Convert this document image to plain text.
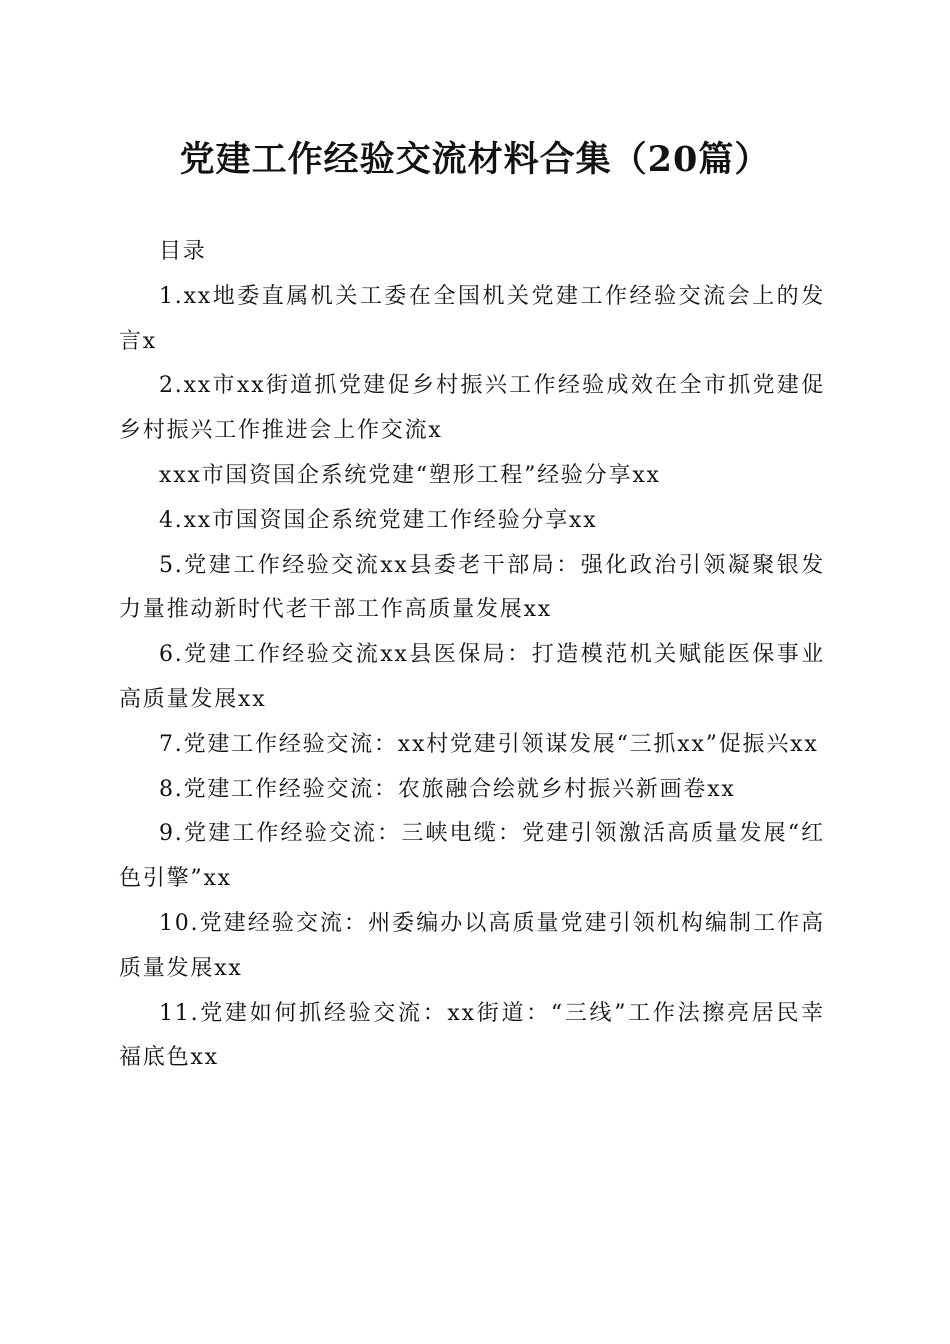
党建工作经验交流材料合集（20篇）

目录

1.xx地委直属机关工委在全国机关党建工作经验交流会上的发言x

2.xx市xx街道抓党建促乡村振兴工作经验成效在全市抓党建促乡村振兴工作推进会上作交流x

xxx市国资国企系统党建“塑形工程”经验分享xx

4.xx市国资国企系统党建工作经验分享xx

5.党建工作经验交流xx县委老干部局：强化政治引领凝聚银发力量推动新时代老干部工作高质量发展xx

6.党建工作经验交流xx县医保局：打造模范机关赋能医保事业高质量发展xx

7.党建工作经验交流：xx村党建引领谋发展“三抓xx”促振兴xx

8.党建工作经验交流：农旅融合绘就乡村振兴新画卷xx

9.党建工作经验交流：三峡电缆：党建引领激活高质量发展“红色引擎”xx

10.党建经验交流：州委编办以高质量党建引领机构编制工作高质量发展xx

11.党建如何抓经验交流：xx街道：“三线”工作法擦亮居民幸福底色xx
